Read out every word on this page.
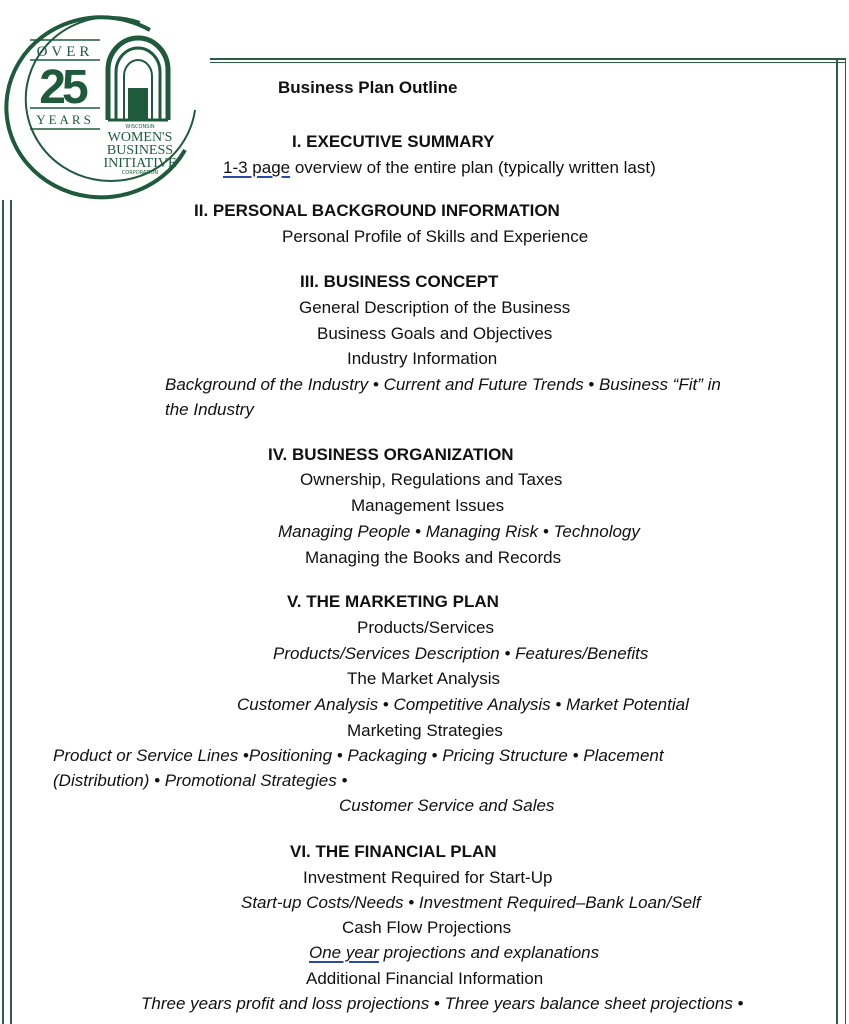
OVER
25
YEARS	WISCONSIN
WOMEN'S
BUSINESS
INITIATIVE
CORPORATION
Business Plan Outline
I. EXECUTIVE SUMMARY
1-3 page overview of the entire plan (typically written last)
II. PERSONAL BACKGROUND INFORMATION
Personal Profile of Skills and Experience
III. BUSINESS CONCEPT
General Description of the Business
Business Goals and Objectives
Industry Information
Background of the Industry • Current and Future Trends • Business “Fit” in
the Industry
IV. BUSINESS ORGANIZATION
Ownership, Regulations and Taxes
Management Issues
Managing People • Managing Risk • Technology
Managing the Books and Records
V. THE MARKETING PLAN
Products/Services
Products/Services Description • Features/Benefits
The Market Analysis
Customer Analysis • Competitive Analysis • Market Potential
Marketing Strategies
Product or Service Lines •Positioning • Packaging • Pricing Structure • Placement
(Distribution) • Promotional Strategies •
Customer Service and Sales
VI. THE FINANCIAL PLAN
Investment Required for Start-Up
Start-up Costs/Needs • Investment Required–Bank Loan/Self
Cash Flow Projections
One year projections and explanations
Additional Financial Information
Three years profit and loss projections • Three years balance sheet projections •
